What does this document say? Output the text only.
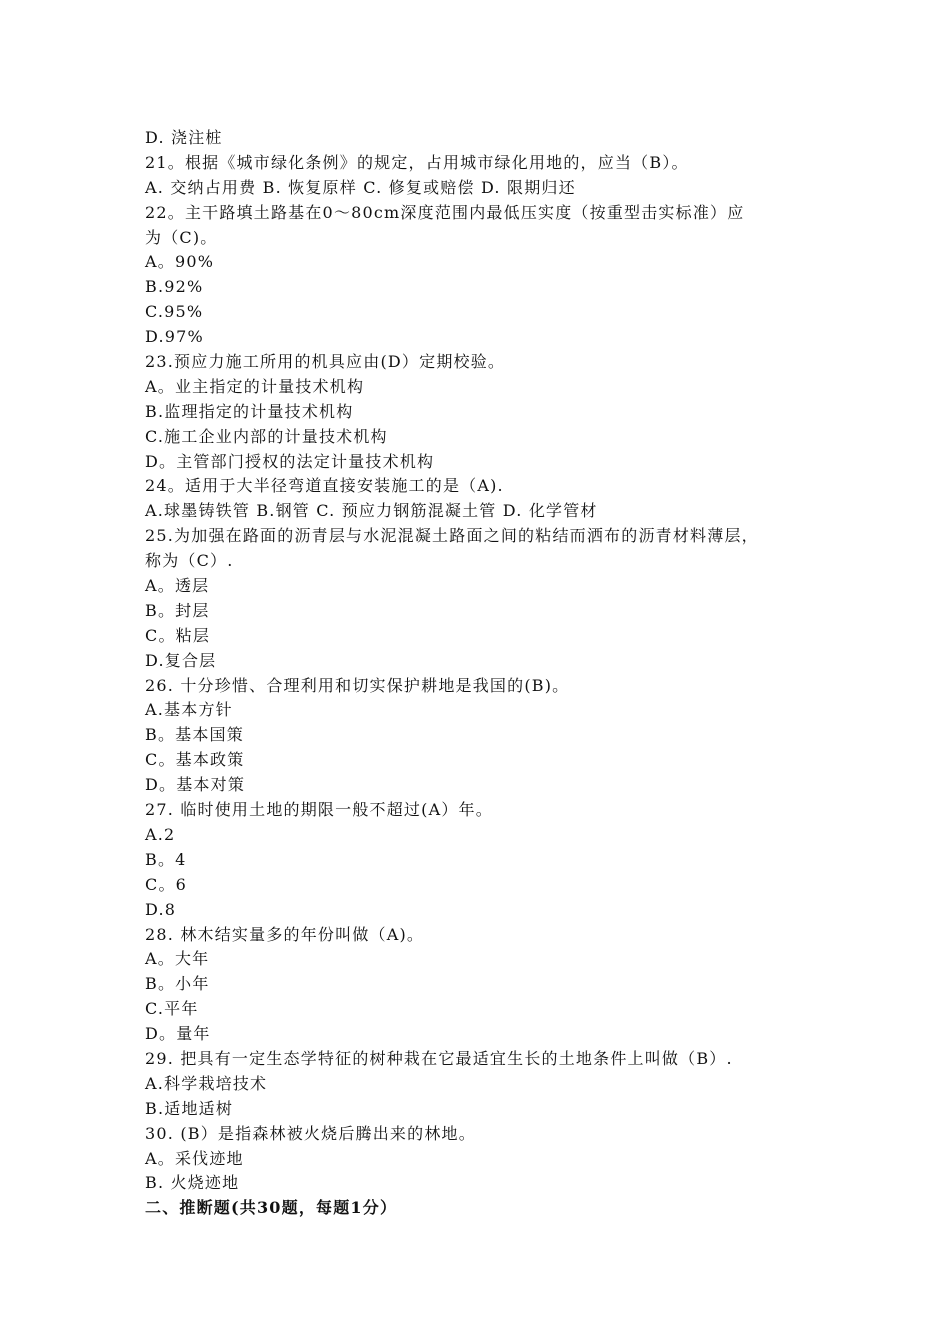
D. 浇注桩
21。根据《城市绿化条例》的规定，占用城市绿化用地的，应当（B）。
A. 交纳占用费 B. 恢复原样 C. 修复或赔偿 D. 限期归还
22。主干路填土路基在0～80cm深度范围内最低压实度（按重型击实标准）应
为（C)。
A。90%
B.92%
C.95%
D.97%
23.预应力施工所用的机具应由(D）定期校验。
A。业主指定的计量技术机构
B.监理指定的计量技术机构
C.施工企业内部的计量技术机构
D。主管部门授权的法定计量技术机构
24。适用于大半径弯道直接安装施工的是（A).
A.球墨铸铁管 B.钢管 C. 预应力钢筋混凝土管 D. 化学管材
25.为加强在路面的沥青层与水泥混凝土路面之间的粘结而洒布的沥青材料薄层，
称为（C）.
A。透层
B。封层
C。粘层
D.复合层
26. 十分珍惜、合理利用和切实保护耕地是我国的(B)。
A.基本方针
B。基本国策
C。基本政策
D。基本对策
27. 临时使用土地的期限一般不超过(A）年。
A.2
B。4
C。6
D.8
28. 林木结实量多的年份叫做（A)。
A。大年
B。小年
C.平年
D。量年
29. 把具有一定生态学特征的树种栽在它最适宜生长的土地条件上叫做（B）.
A.科学栽培技术
B.适地适树
30. (B）是指森林被火烧后腾出来的林地。
A。采伐迹地
B. 火烧迹地
二、推断题(共30题，每题1分）
